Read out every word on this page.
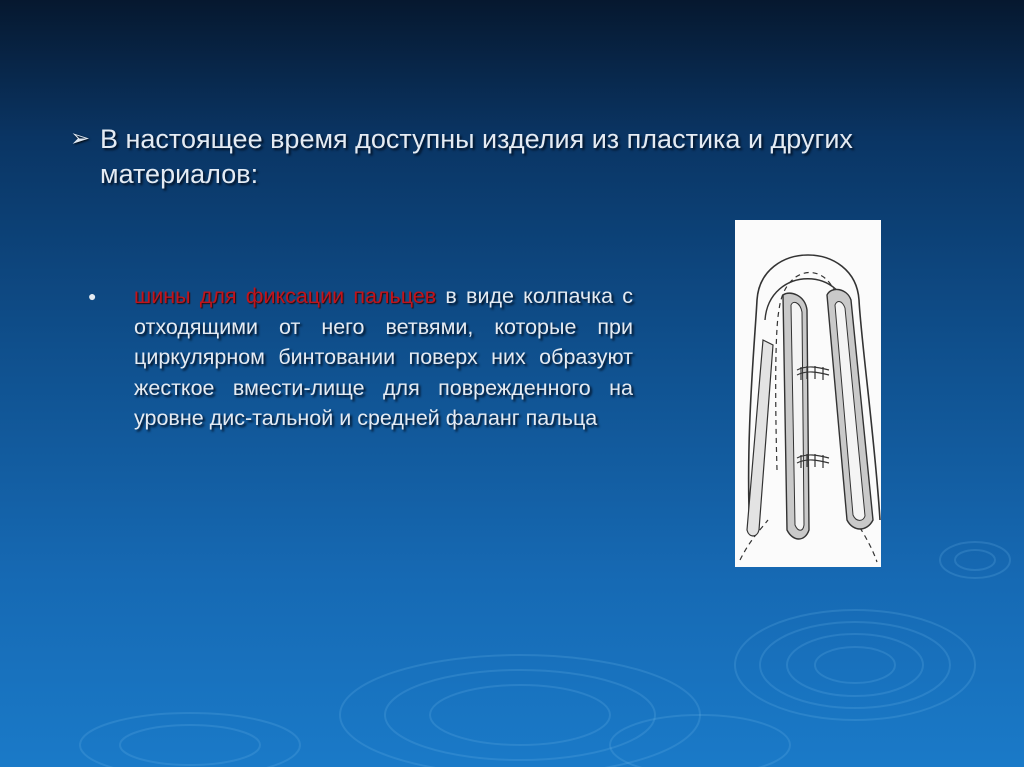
➢ В настоящее время доступны изделия из пластика и других материалов:
●	шины для фиксации пальцев в виде колпачка с отходящими от него ветвями, которые при циркулярном бинтовании поверх них образуют жесткое вмести-лище для поврежденного на уровне дис-тальной и средней фаланг пальца
